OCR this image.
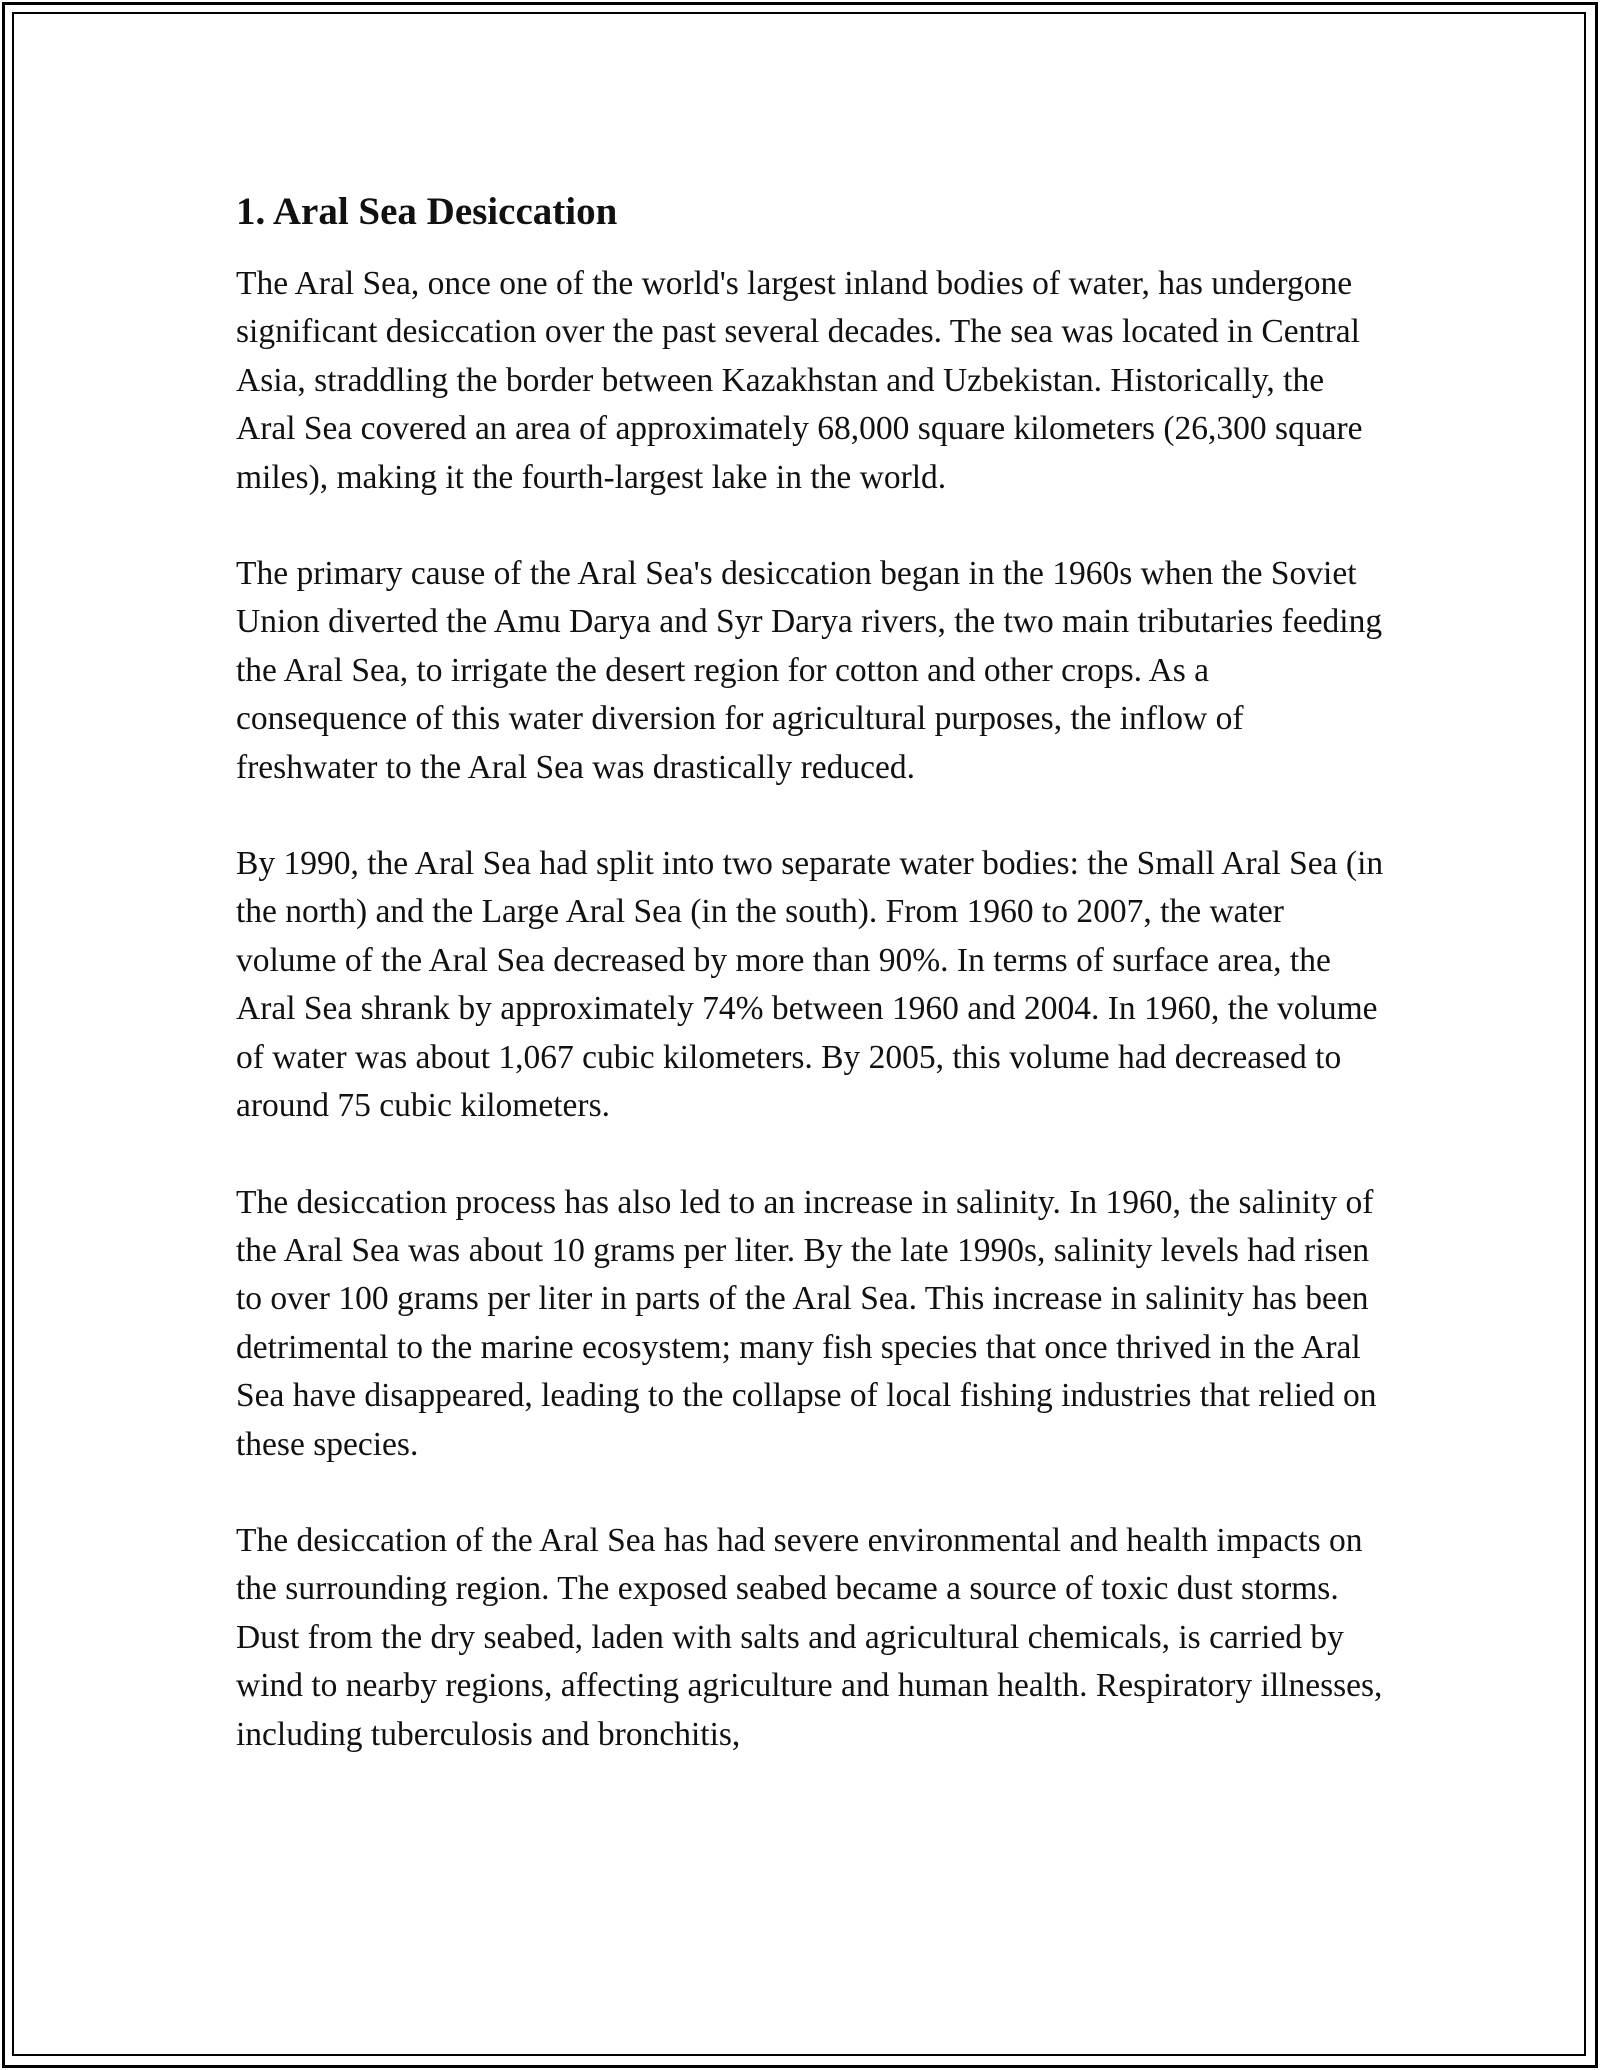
1. Aral Sea Desiccation

The Aral Sea, once one of the world's largest inland bodies of water, has undergone significant desiccation over the past several decades. The sea was located in Central Asia, straddling the border between Kazakhstan and Uzbekistan. Historically, the Aral Sea covered an area of approximately 68,000 square kilometers (26,300 square miles), making it the fourth-largest lake in the world.

The primary cause of the Aral Sea's desiccation began in the 1960s when the Soviet Union diverted the Amu Darya and Syr Darya rivers, the two main tributaries feeding the Aral Sea, to irrigate the desert region for cotton and other crops. As a consequence of this water diversion for agricultural purposes, the inflow of freshwater to the Aral Sea was drastically reduced.

By 1990, the Aral Sea had split into two separate water bodies: the Small Aral Sea (in the north) and the Large Aral Sea (in the south). From 1960 to 2007, the water volume of the Aral Sea decreased by more than 90%. In terms of surface area, the Aral Sea shrank by approximately 74% between 1960 and 2004. In 1960, the volume of water was about 1,067 cubic kilometers. By 2005, this volume had decreased to around 75 cubic kilometers.

The desiccation process has also led to an increase in salinity. In 1960, the salinity of the Aral Sea was about 10 grams per liter. By the late 1990s, salinity levels had risen to over 100 grams per liter in parts of the Aral Sea. This increase in salinity has been detrimental to the marine ecosystem; many fish species that once thrived in the Aral Sea have disappeared, leading to the collapse of local fishing industries that relied on these species.

The desiccation of the Aral Sea has had severe environmental and health impacts on the surrounding region. The exposed seabed became a source of toxic dust storms. Dust from the dry seabed, laden with salts and agricultural chemicals, is carried by wind to nearby regions, affecting agriculture and human health. Respiratory illnesses, including tuberculosis and bronchitis,
